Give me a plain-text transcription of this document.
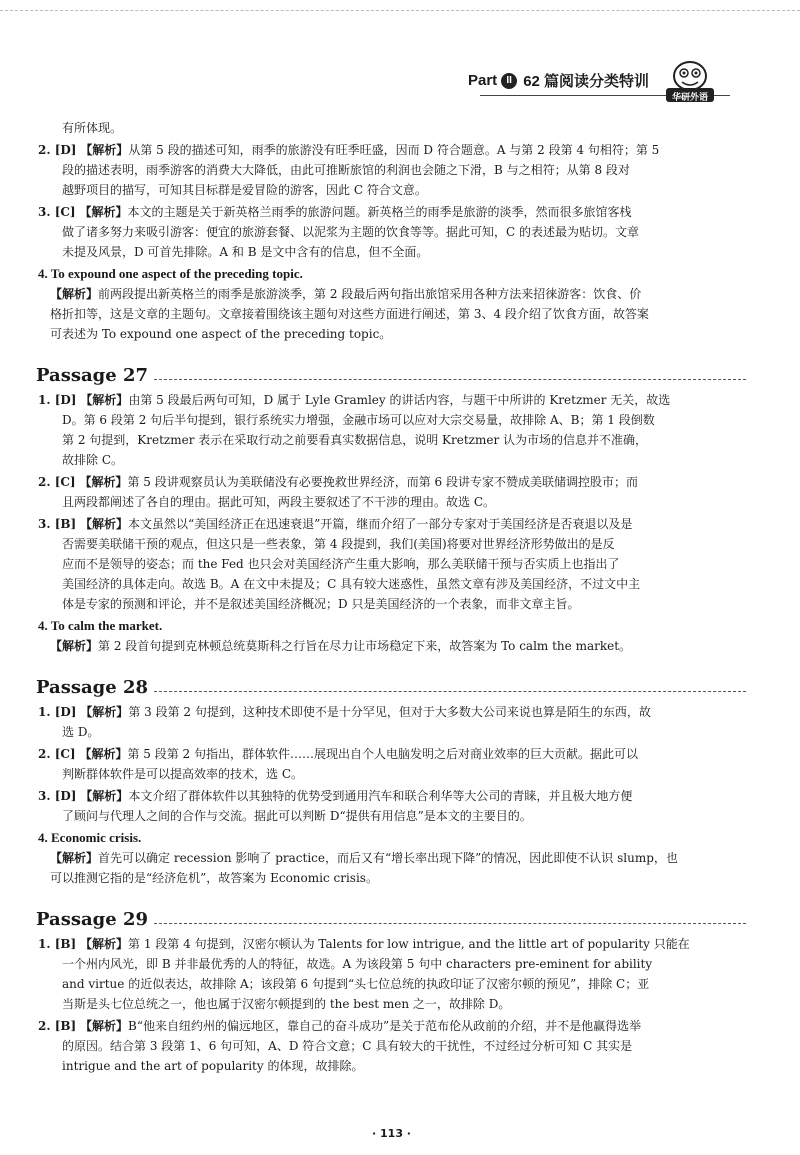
Part II 62 篇阅读分类特训
华研外语
有所体现。
2. [D] 【解析】从第 5 段的描述可知，雨季的旅游没有旺季旺盛，因而 D 符合题意。A 与第 2 段第 4 句相符；第 5
段的描述表明，雨季游客的消费大大降低，由此可推断旅馆的利润也会随之下滑，B 与之相符；从第 8 段对
越野项目的描写，可知其目标群是爱冒险的游客，因此 C 符合文意。
3. [C] 【解析】本文的主题是关于新英格兰雨季的旅游问题。新英格兰的雨季是旅游的淡季，然而很多旅馆客栈
做了诸多努力来吸引游客：便宜的旅游套餐、以泥浆为主题的饮食等等。据此可知，C 的表述最为贴切。文章
未提及风景，D 可首先排除。A 和 B 是文中含有的信息，但不全面。
4. To expound one aspect of the preceding topic.
【解析】前两段提出新英格兰的雨季是旅游淡季，第 2 段最后两句指出旅馆采用各种方法来招徕游客：饮食、价
格折扣等，这是文章的主题句。文章接着围绕该主题句对这些方面进行阐述，第 3、4 段介绍了饮食方面，故答案
可表述为 To expound one aspect of the preceding topic。
Passage 27
1. [D] 【解析】由第 5 段最后两句可知，D 属于 Lyle Gramley 的讲话内容，与题干中所讲的 Kretzmer 无关，故选
D。第 6 段第 2 句后半句提到，银行系统实力增强，金融市场可以应对大宗交易量，故排除 A、B；第 1 段倒数
第 2 句提到，Kretzmer 表示在采取行动之前要看真实数据信息，说明 Kretzmer 认为市场的信息并不准确，
故排除 C。
2. [C] 【解析】第 5 段讲观察员认为美联储没有必要挽救世界经济，而第 6 段讲专家不赞成美联储调控股市；而
且两段都阐述了各自的理由。据此可知，两段主要叙述了不干涉的理由。故选 C。
3. [B] 【解析】本文虽然以“美国经济正在迅速衰退”开篇，继而介绍了一部分专家对于美国经济是否衰退以及是
否需要美联储干预的观点，但这只是一些表象，第 4 段提到，我们(美国)将要对世界经济形势做出的是反
应而不是领导的姿态；而 the Fed 也只会对美国经济产生重大影响，那么美联储干预与否实质上也指出了
美国经济的具体走向。故选 B。A 在文中未提及；C 具有较大迷惑性，虽然文章有涉及美国经济，不过文中主
体是专家的预测和评论，并不是叙述美国经济概况；D 只是美国经济的一个表象，而非文章主旨。
4. To calm the market.
【解析】第 2 段首句提到克林顿总统莫斯科之行旨在尽力让市场稳定下来，故答案为 To calm the market。
Passage 28
1. [D] 【解析】第 3 段第 2 句提到，这种技术即使不是十分罕见，但对于大多数大公司来说也算是陌生的东西，故
选 D。
2. [C] 【解析】第 5 段第 2 句指出，群体软件……展现出自个人电脑发明之后对商业效率的巨大贡献。据此可以
判断群体软件是可以提高效率的技术，选 C。
3. [D] 【解析】本文介绍了群体软件以其独特的优势受到通用汽车和联合利华等大公司的青睐，并且极大地方便
了顾问与代理人之间的合作与交流。据此可以判断 D“提供有用信息”是本文的主要目的。
4. Economic crisis.
【解析】首先可以确定 recession 影响了 practice，而后又有“增长率出现下降”的情况，因此即使不认识 slump，也
可以推测它指的是“经济危机”，故答案为 Economic crisis。
Passage 29
1. [B] 【解析】第 1 段第 4 句提到，汉密尔顿认为 Talents for low intrigue, and the little art of popularity 只能在
一个州内风光，即 B 并非最优秀的人的特征，故选。A 为该段第 5 句中 characters pre-eminent for ability
and virtue 的近似表达，故排除 A；该段第 6 句提到“头七位总统的执政印证了汉密尔顿的预见”，排除 C；亚
当斯是头七位总统之一，他也属于汉密尔顿提到的 the best men 之一，故排除 D。
2. [B] 【解析】B“他来自纽约州的偏远地区，靠自己的奋斗成功”是关于范布伦从政前的介绍，并不是他赢得选举
的原因。结合第 3 段第 1、6 句可知，A、D 符合文意；C 具有较大的干扰性，不过经过分析可知 C 其实是
intrigue and the art of popularity 的体现，故排除。
· 113 ·
